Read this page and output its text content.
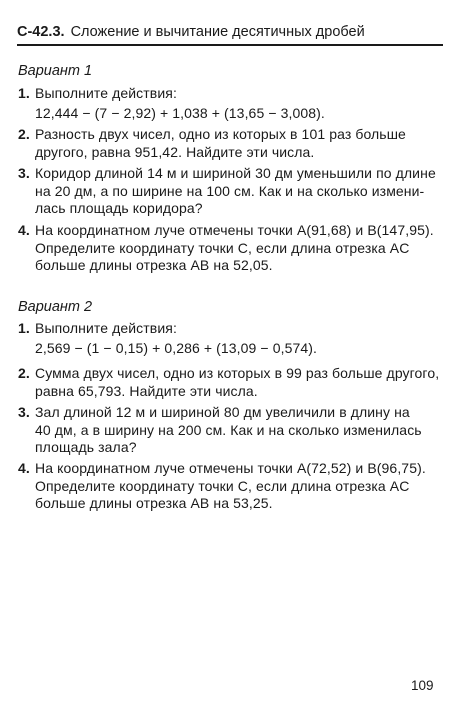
С-42.3. Сложение и вычитание десятичных дробей
Вариант 1
1. Выполните действия:
12,444 − (7 − 2,92) + 1,038 + (13,65 − 3,008).
2. Разность двух чисел, одно из которых в 101 раз больше
другого, равна 951,42. Найдите эти числа.
3. Коридор длиной 14 м и шириной 30 дм уменьшили по длине
на 20 дм, а по ширине на 100 см. Как и на сколько измени-
лась площадь коридора?
4. На координатном луче отмечены точки A(91,68) и B(147,95).
Определите координату точки C, если длина отрезка AC
больше длины отрезка AB на 52,05.
Вариант 2
1. Выполните действия:
2,569 − (1 − 0,15) + 0,286 + (13,09 − 0,574).
2. Сумма двух чисел, одно из которых в 99 раз больше другого,
равна 65,793. Найдите эти числа.
3. Зал длиной 12 м и шириной 80 дм увеличили в длину на
40 дм, а в ширину на 200 см. Как и на сколько изменилась
площадь зала?
4. На координатном луче отмечены точки A(72,52) и B(96,75).
Определите координату точки C, если длина отрезка AC
больше длины отрезка AB на 53,25.
109
